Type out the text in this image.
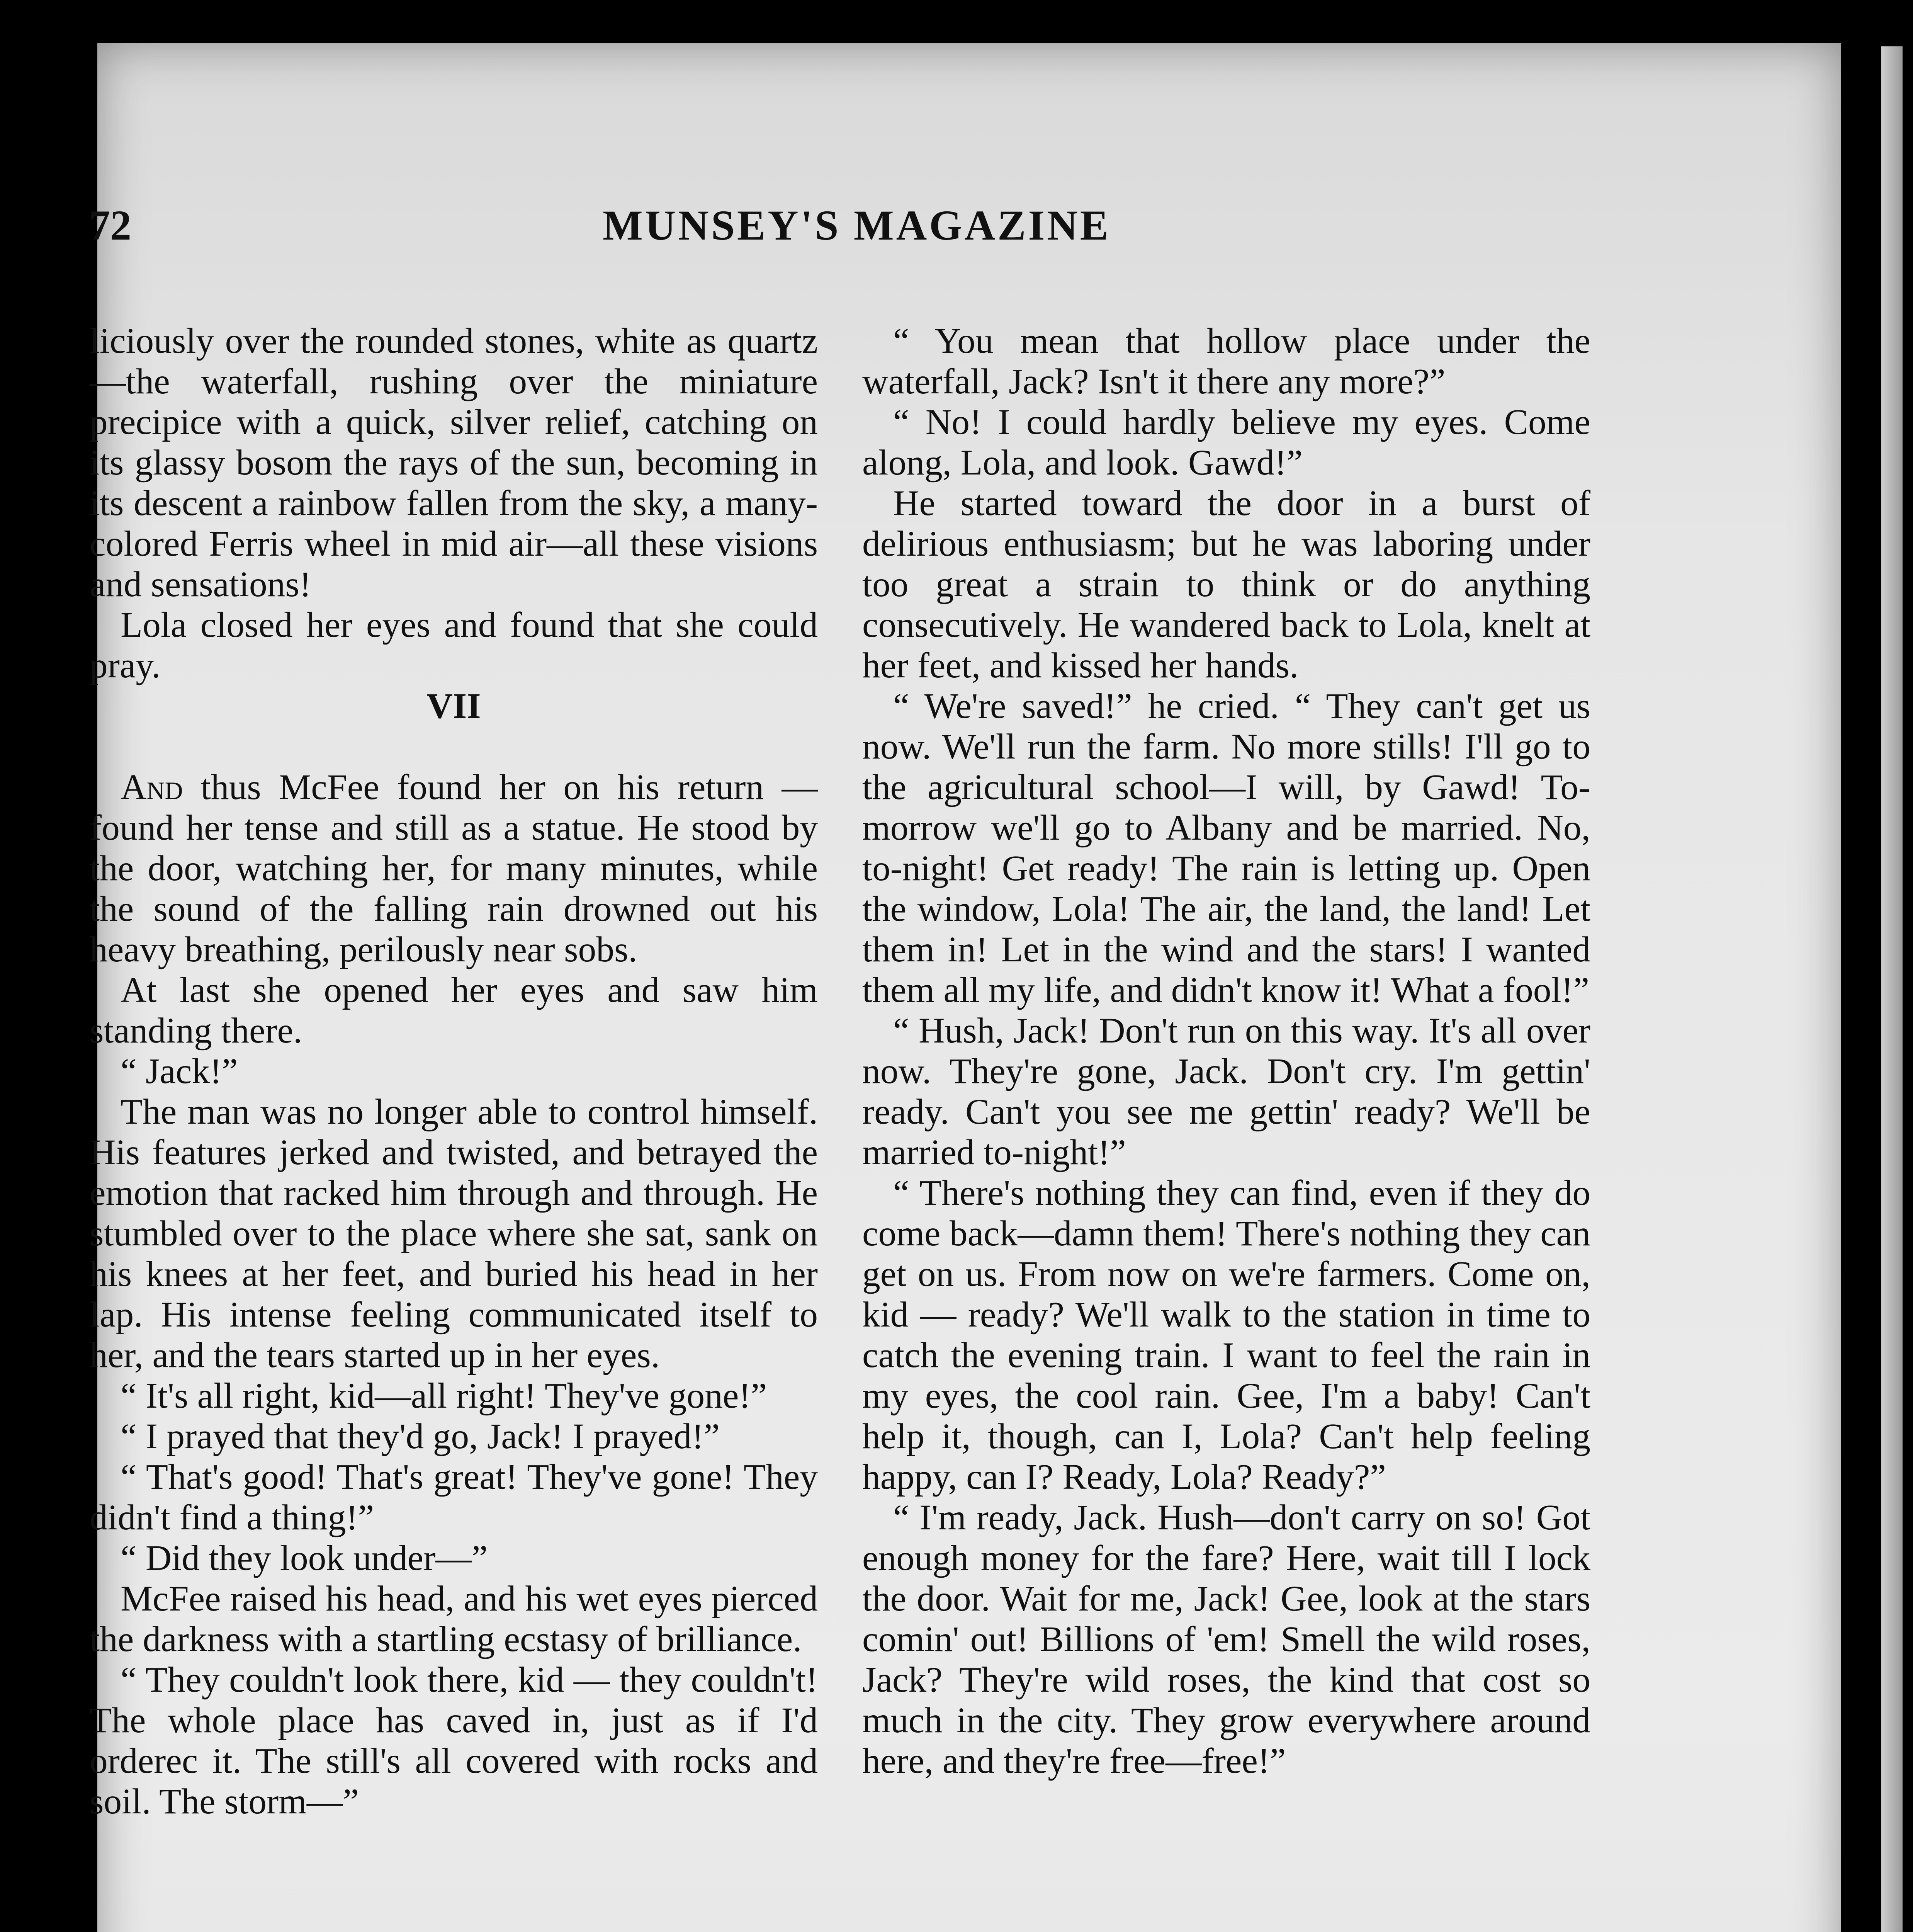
72	MUNSEY'S MAGAZINE

liciously over the rounded stones, white as quartz—the waterfall, rushing over the miniature precipice with a quick, silver relief, catching on its glassy bosom the rays of the sun, becoming in its descent a rainbow fallen from the sky, a many-colored Ferris wheel in mid air—all these visions and sensations!

Lola closed her eyes and found that she could pray.

VII

And thus McFee found her on his return —found her tense and still as a statue. He stood by the door, watching her, for many minutes, while the sound of the falling rain drowned out his heavy breathing, perilously near sobs.

At last she opened her eyes and saw him standing there.

“ Jack!”

The man was no longer able to control himself. His features jerked and twisted, and betrayed the emotion that racked him through and through. He stumbled over to the place where she sat, sank on his knees at her feet, and buried his head in her lap. His intense feeling communicated itself to her, and the tears started up in her eyes.

“ It's all right, kid—all right! They've gone!”

“ I prayed that they'd go, Jack! I prayed!”

“ That's good! That's great! They've gone! They didn't find a thing!”

“ Did they look under—”

McFee raised his head, and his wet eyes pierced the darkness with a startling ecstasy of brilliance.

“ They couldn't look there, kid — they couldn't! The whole place has caved in, just as if I'd orderec it. The still's all covered with rocks and soil. The storm—”

“ You mean that hollow place under the waterfall, Jack? Isn't it there any more?”

“ No! I could hardly believe my eyes. Come along, Lola, and look. Gawd!”

He started toward the door in a burst of delirious enthusiasm; but he was laboring under too great a strain to think or do anything consecutively. He wandered back to Lola, knelt at her feet, and kissed her hands.

“ We're saved!” he cried. “ They can't get us now. We'll run the farm. No more stills! I'll go to the agricultural school—I will, by Gawd! To-morrow we'll go to Albany and be married. No, to-night! Get ready! The rain is letting up. Open the window, Lola! The air, the land, the land! Let them in! Let in the wind and the stars! I wanted them all my life, and didn't know it! What a fool!”

“ Hush, Jack! Don't run on this way. It's all over now. They're gone, Jack. Don't cry. I'm gettin' ready. Can't you see me gettin' ready? We'll be married to-night!”

“ There's nothing they can find, even if they do come back—damn them! There's nothing they can get on us. From now on we're farmers. Come on, kid — ready? We'll walk to the station in time to catch the evening train. I want to feel the rain in my eyes, the cool rain. Gee, I'm a baby! Can't help it, though, can I, Lola? Can't help feeling happy, can I? Ready, Lola? Ready?”

“ I'm ready, Jack. Hush—don't carry on so! Got enough money for the fare? Here, wait till I lock the door. Wait for me, Jack! Gee, look at the stars comin' out! Billions of 'em! Smell the wild roses, Jack? They're wild roses, the kind that cost so much in the city. They grow everywhere around here, and they're free—free!”
